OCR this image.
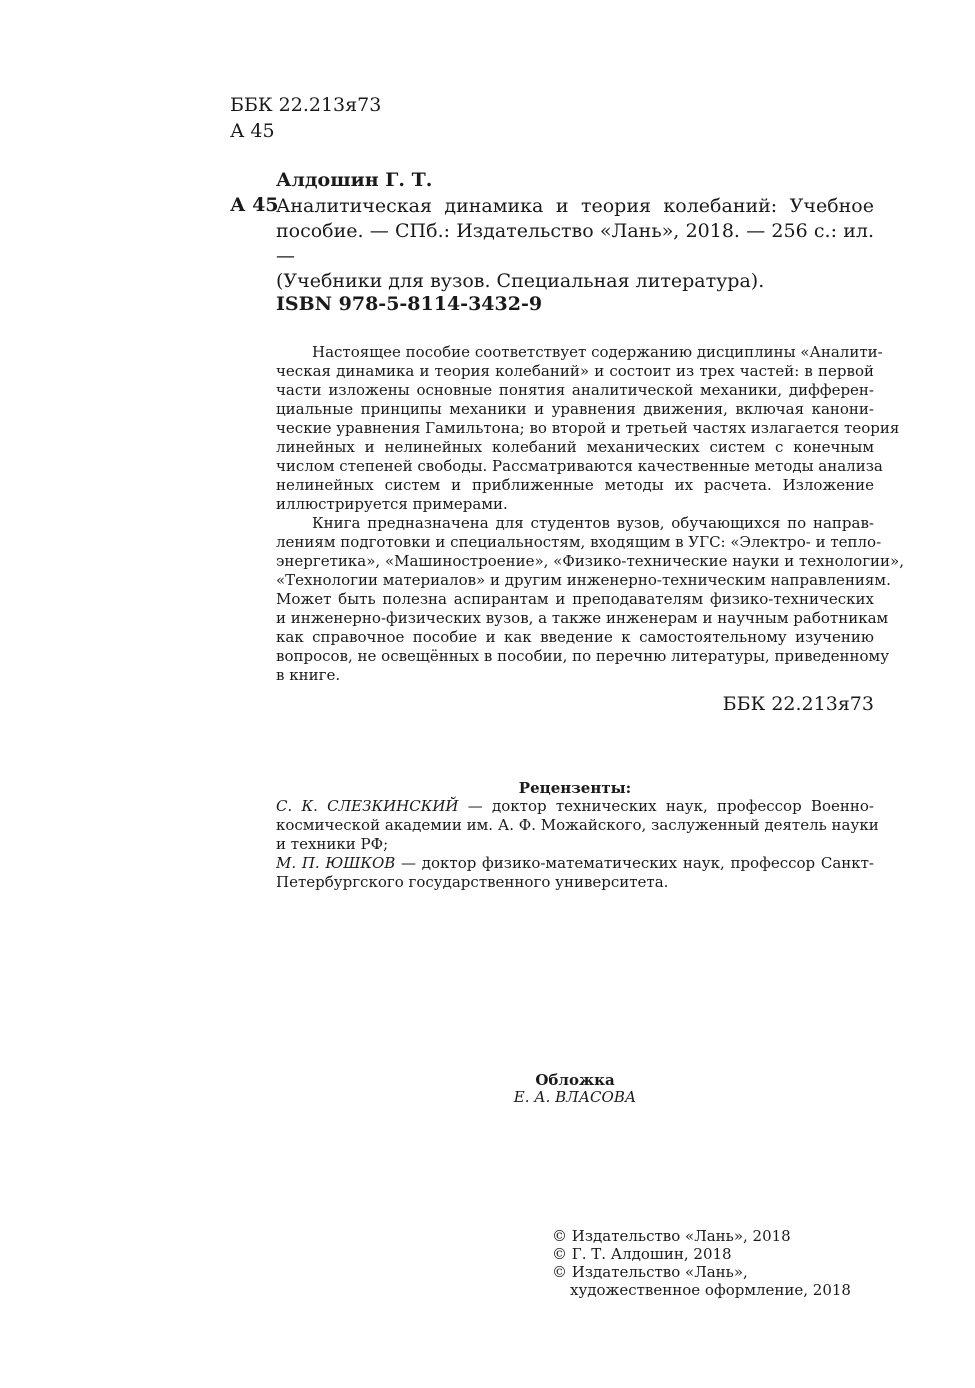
ББК 22.213я73
А 45
Алдошин Г. Т.
А 45
Аналитическая динамика и теория колебаний: Учебное
пособие. — СПб.: Издательство «Лань», 2018. — 256 с.: ил. —
(Учебники для вузов. Специальная литература).
ISBN 978-5-8114-3432-9
Настоящее пособие соответствует содержанию дисциплины «Аналити-
ческая динамика и теория колебаний» и состоит из трех частей: в первой
части изложены основные понятия аналитической механики, дифферен-
циальные принципы механики и уравнения движения, включая канони-
ческие уравнения Гамильтона; во второй и третьей частях излагается теория
линейных и нелинейных колебаний механических систем с конечным
числом степеней свободы. Рассматриваются качественные методы анализа
нелинейных систем и приближенные методы их расчета. Изложение
иллюстрируется примерами.
Книга предназначена для студентов вузов, обучающихся по направ-
лениям подготовки и специальностям, входящим в УГС: «Электро- и тепло-
энергетика», «Машиностроение», «Физико-технические науки и технологии»,
«Технологии материалов» и другим инженерно-техническим направлениям.
Может быть полезна аспирантам и преподавателям физико-технических
и инженерно-физических вузов, а также инженерам и научным работникам
как справочное пособие и как введение к самостоятельному изучению
вопросов, не освещённых в пособии, по перечню литературы, приведенному
в книге.
ББК 22.213я73
Рецензенты:
С. К. СЛЕЗКИНСКИЙ — доктор технических наук, профессор Военно-
космической академии им. А. Ф. Можайского, заслуженный деятель науки
и техники РФ;
М. П. ЮШКОВ — доктор физико-математических наук, профессор Санкт-
Петербургского государственного университета.
Обложка
Е. А. ВЛАСОВА
© Издательство «Лань», 2018
© Г. Т. Алдошин, 2018
© Издательство «Лань»,
художественное оформление, 2018
